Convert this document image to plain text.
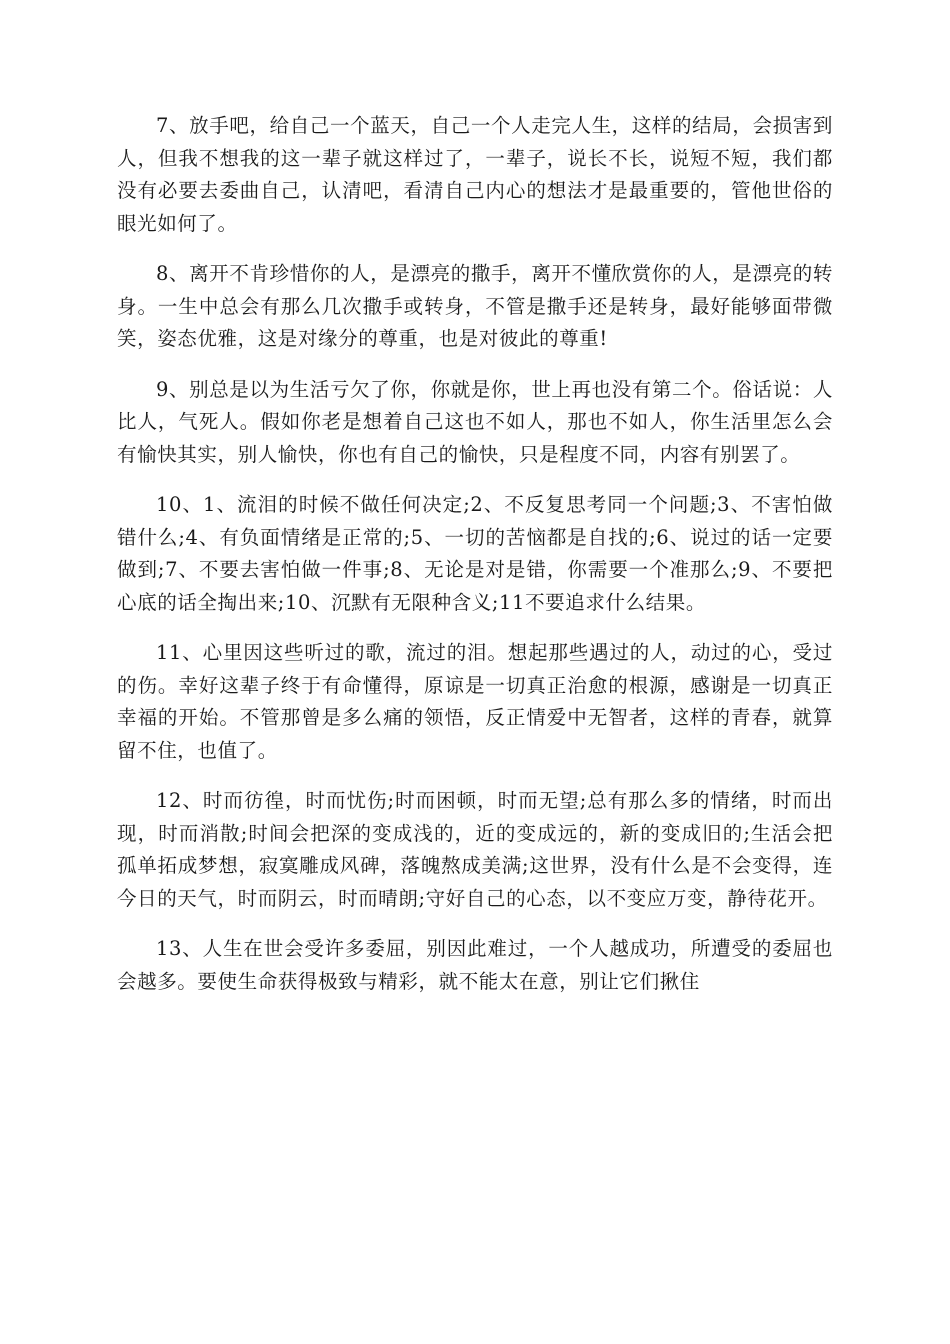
7、放手吧，给自己一个蓝天，自己一个人走完人生，这样的结局，会损害到人，但我不想我的这一辈子就这样过了，一辈子，说长不长，说短不短，我们都没有必要去委曲自己，认清吧，看清自己内心的想法才是最重要的，管他世俗的眼光如何了。

8、离开不肯珍惜你的人，是漂亮的撒手，离开不懂欣赏你的人，是漂亮的转身。一生中总会有那么几次撒手或转身，不管是撒手还是转身，最好能够面带微笑，姿态优雅，这是对缘分的尊重，也是对彼此的尊重!

9、别总是以为生活亏欠了你，你就是你，世上再也没有第二个。俗话说：人比人，气死人。假如你老是想着自己这也不如人，那也不如人，你生活里怎么会有愉快其实，别人愉快，你也有自己的愉快，只是程度不同，内容有别罢了。

10、1、流泪的时候不做任何决定;2、不反复思考同一个问题;3、不害怕做错什么;4、有负面情绪是正常的;5、一切的苦恼都是自找的;6、说过的话一定要做到;7、不要去害怕做一件事;8、无论是对是错，你需要一个准那么;9、不要把心底的话全掏出来;10、沉默有无限种含义;11不要追求什么结果。

11、心里因这些听过的歌，流过的泪。想起那些遇过的人，动过的心，受过的伤。幸好这辈子终于有命懂得，原谅是一切真正治愈的根源，感谢是一切真正幸福的开始。不管那曾是多么痛的领悟，反正情爱中无智者，这样的青春，就算留不住，也值了。

12、时而彷徨，时而忧伤;时而困顿，时而无望;总有那么多的情绪，时而出现，时而消散;时间会把深的变成浅的，近的变成远的，新的变成旧的;生活会把孤单拓成梦想，寂寞雕成风碑，落魄熬成美满;这世界，没有什么是不会变得，连今日的天气，时而阴云，时而晴朗;守好自己的心态，以不变应万变，静待花开。

13、人生在世会受许多委屈，别因此难过，一个人越成功，所遭受的委屈也会越多。要使生命获得极致与精彩，就不能太在意，别让它们揪住
